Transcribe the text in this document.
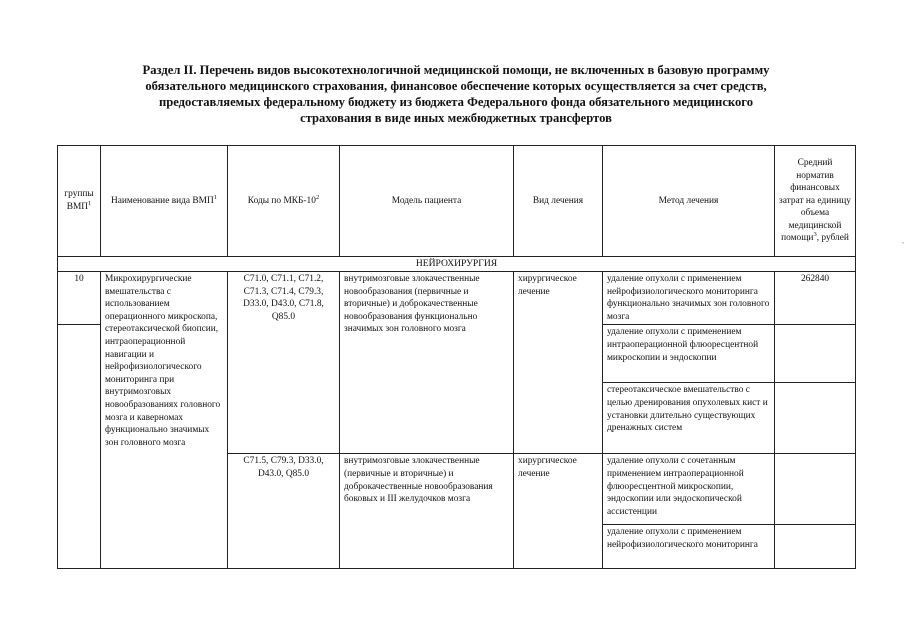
Раздел II. Перечень видов высокотехнологичной медицинской помощи, не включенных в базовую программу
обязательного медицинского страхования, финансовое обеспечение которых осуществляется за счет средств,
предоставляемых федеральному бюджету из бюджета Федерального фонда обязательного медицинского
страхования в виде иных межбюджетных трансфертов
группы ВМП$^1$	Наименование вида ВМП$^1$	Коды по МКБ-$10^2$	Модель пациента	Вид лечения	Метод лечения	Средний норматив финансовых затрат на единицу объема медицинской помощи$^3$, рублей
НЕЙРОХИРУРГИЯ						
10	Микрохирургические вмешательства с использованием операционного микроскопа, стереотаксической биопсии, интраоперационной навигации и нейрофизиологического мониторинга при внутримозговых новообразованиях головного мозга и каверномах функционально значимых зон головного мозга	C71.0, C71.1, C71.2, C71.3, C71.4, C79.3, D33.0, D43.0, C71.8, Q85.0	внутримозговые злокачественные новообразования (первичные и вторичные) и доброкачественные новообразования функционально значимых зон головного мозга	хирургическое лечение	удаление опухоли с применением нейрофизиологического мониторинга функционально значимых зон головного мозга	262840
					удаление опухоли с применением интраоперационной флюоресцентной микроскопии и эндоскопии	
					стереотаксическое вмешательство с целью дренирования опухолевых кист и установки длительно существующих дренажных систем	
		C71.5, C79.3, D33.0, D43.0, Q85.0	внутримозговые злокачественные (первичные и вторичные) и доброкачественные новообразования боковых и III желудочков мозга	хирургическое лечение	удаление опухоли с сочетанным применением интраоперационной флюоресцентной микроскопии, эндоскопии или эндоскопической ассистенции	
					удаление опухоли с применением нейрофизиологического мониторинга	
,
